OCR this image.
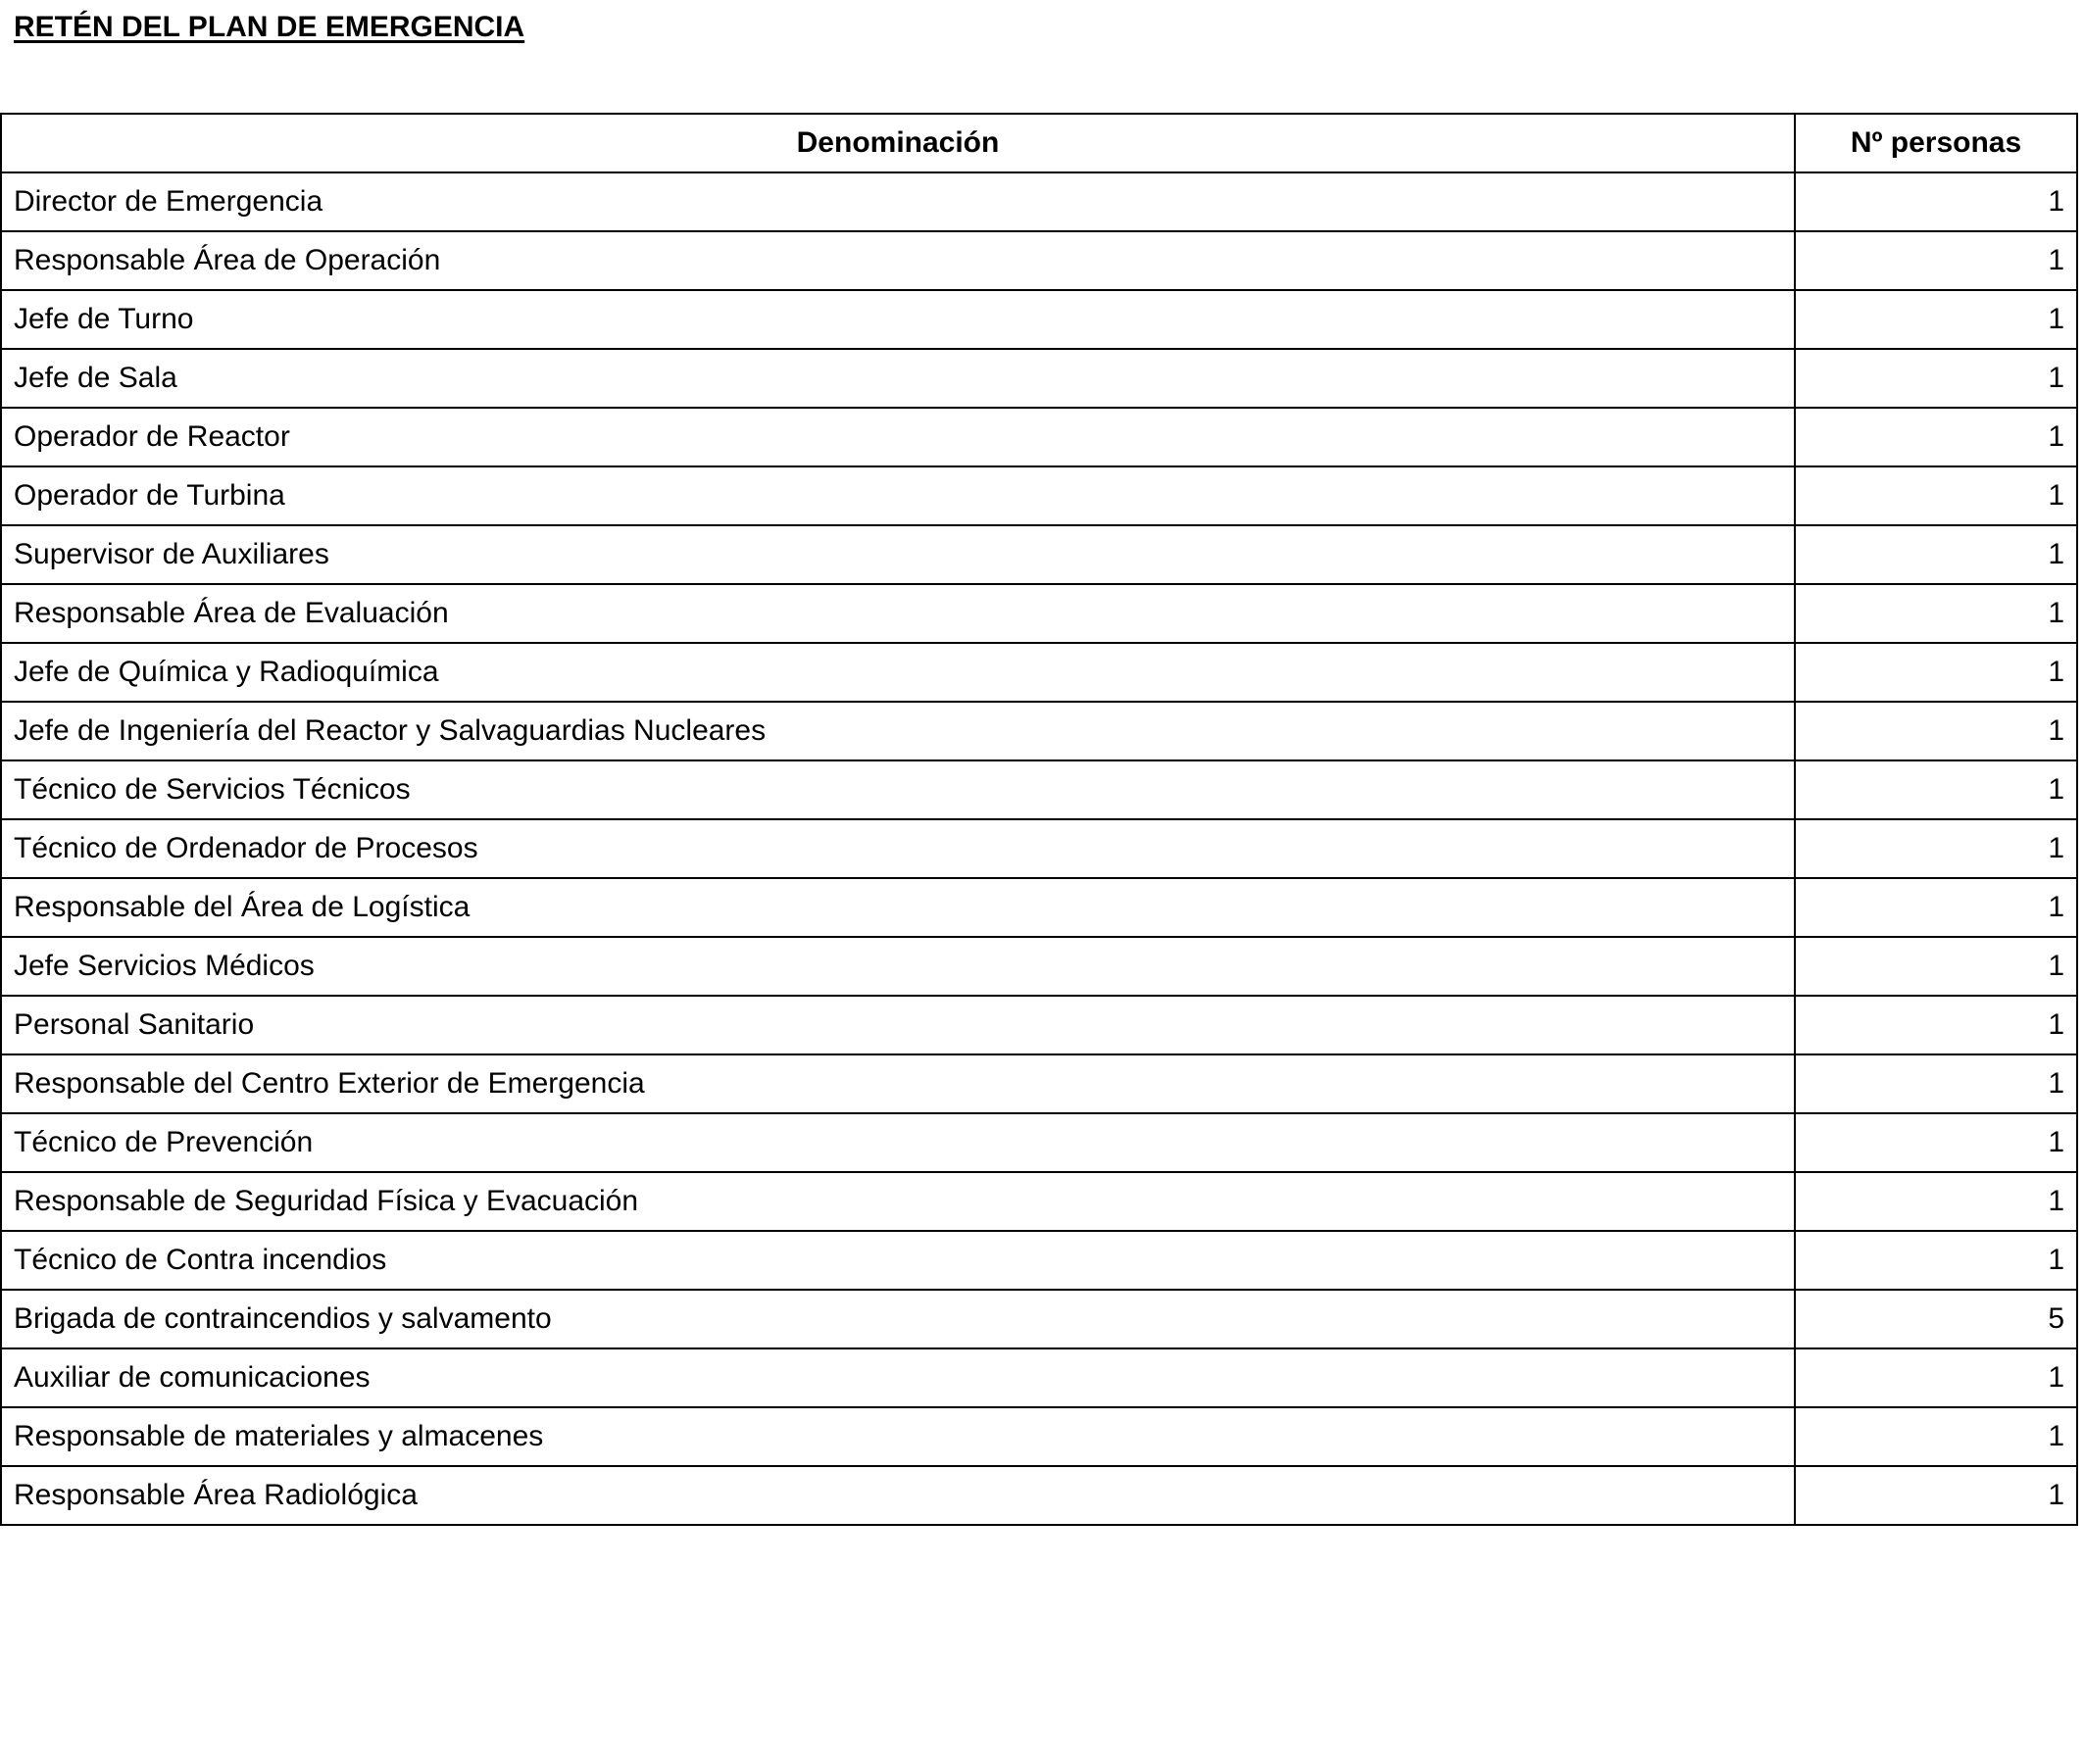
RETÉN DEL PLAN DE EMERGENCIA
Denominación	Nº personas
Director de Emergencia	1
Responsable Área de Operación	1
Jefe de Turno	1
Jefe de Sala	1
Operador de Reactor	1
Operador de Turbina	1
Supervisor de Auxiliares	1
Responsable Área de Evaluación	1
Jefe de Química y Radioquímica	1
Jefe de Ingeniería del Reactor y Salvaguardias Nucleares	1
Técnico de Servicios Técnicos	1
Técnico de Ordenador de Procesos	1
Responsable del Área de Logística	1
Jefe Servicios Médicos	1
Personal Sanitario	1
Responsable del Centro Exterior de Emergencia	1
Técnico de Prevención	1
Responsable de Seguridad Física y Evacuación	1
Técnico de Contra incendios	1
Brigada de contraincendios y salvamento	5
Auxiliar de comunicaciones	1
Responsable de materiales y almacenes	1
Responsable Área Radiológica	1
